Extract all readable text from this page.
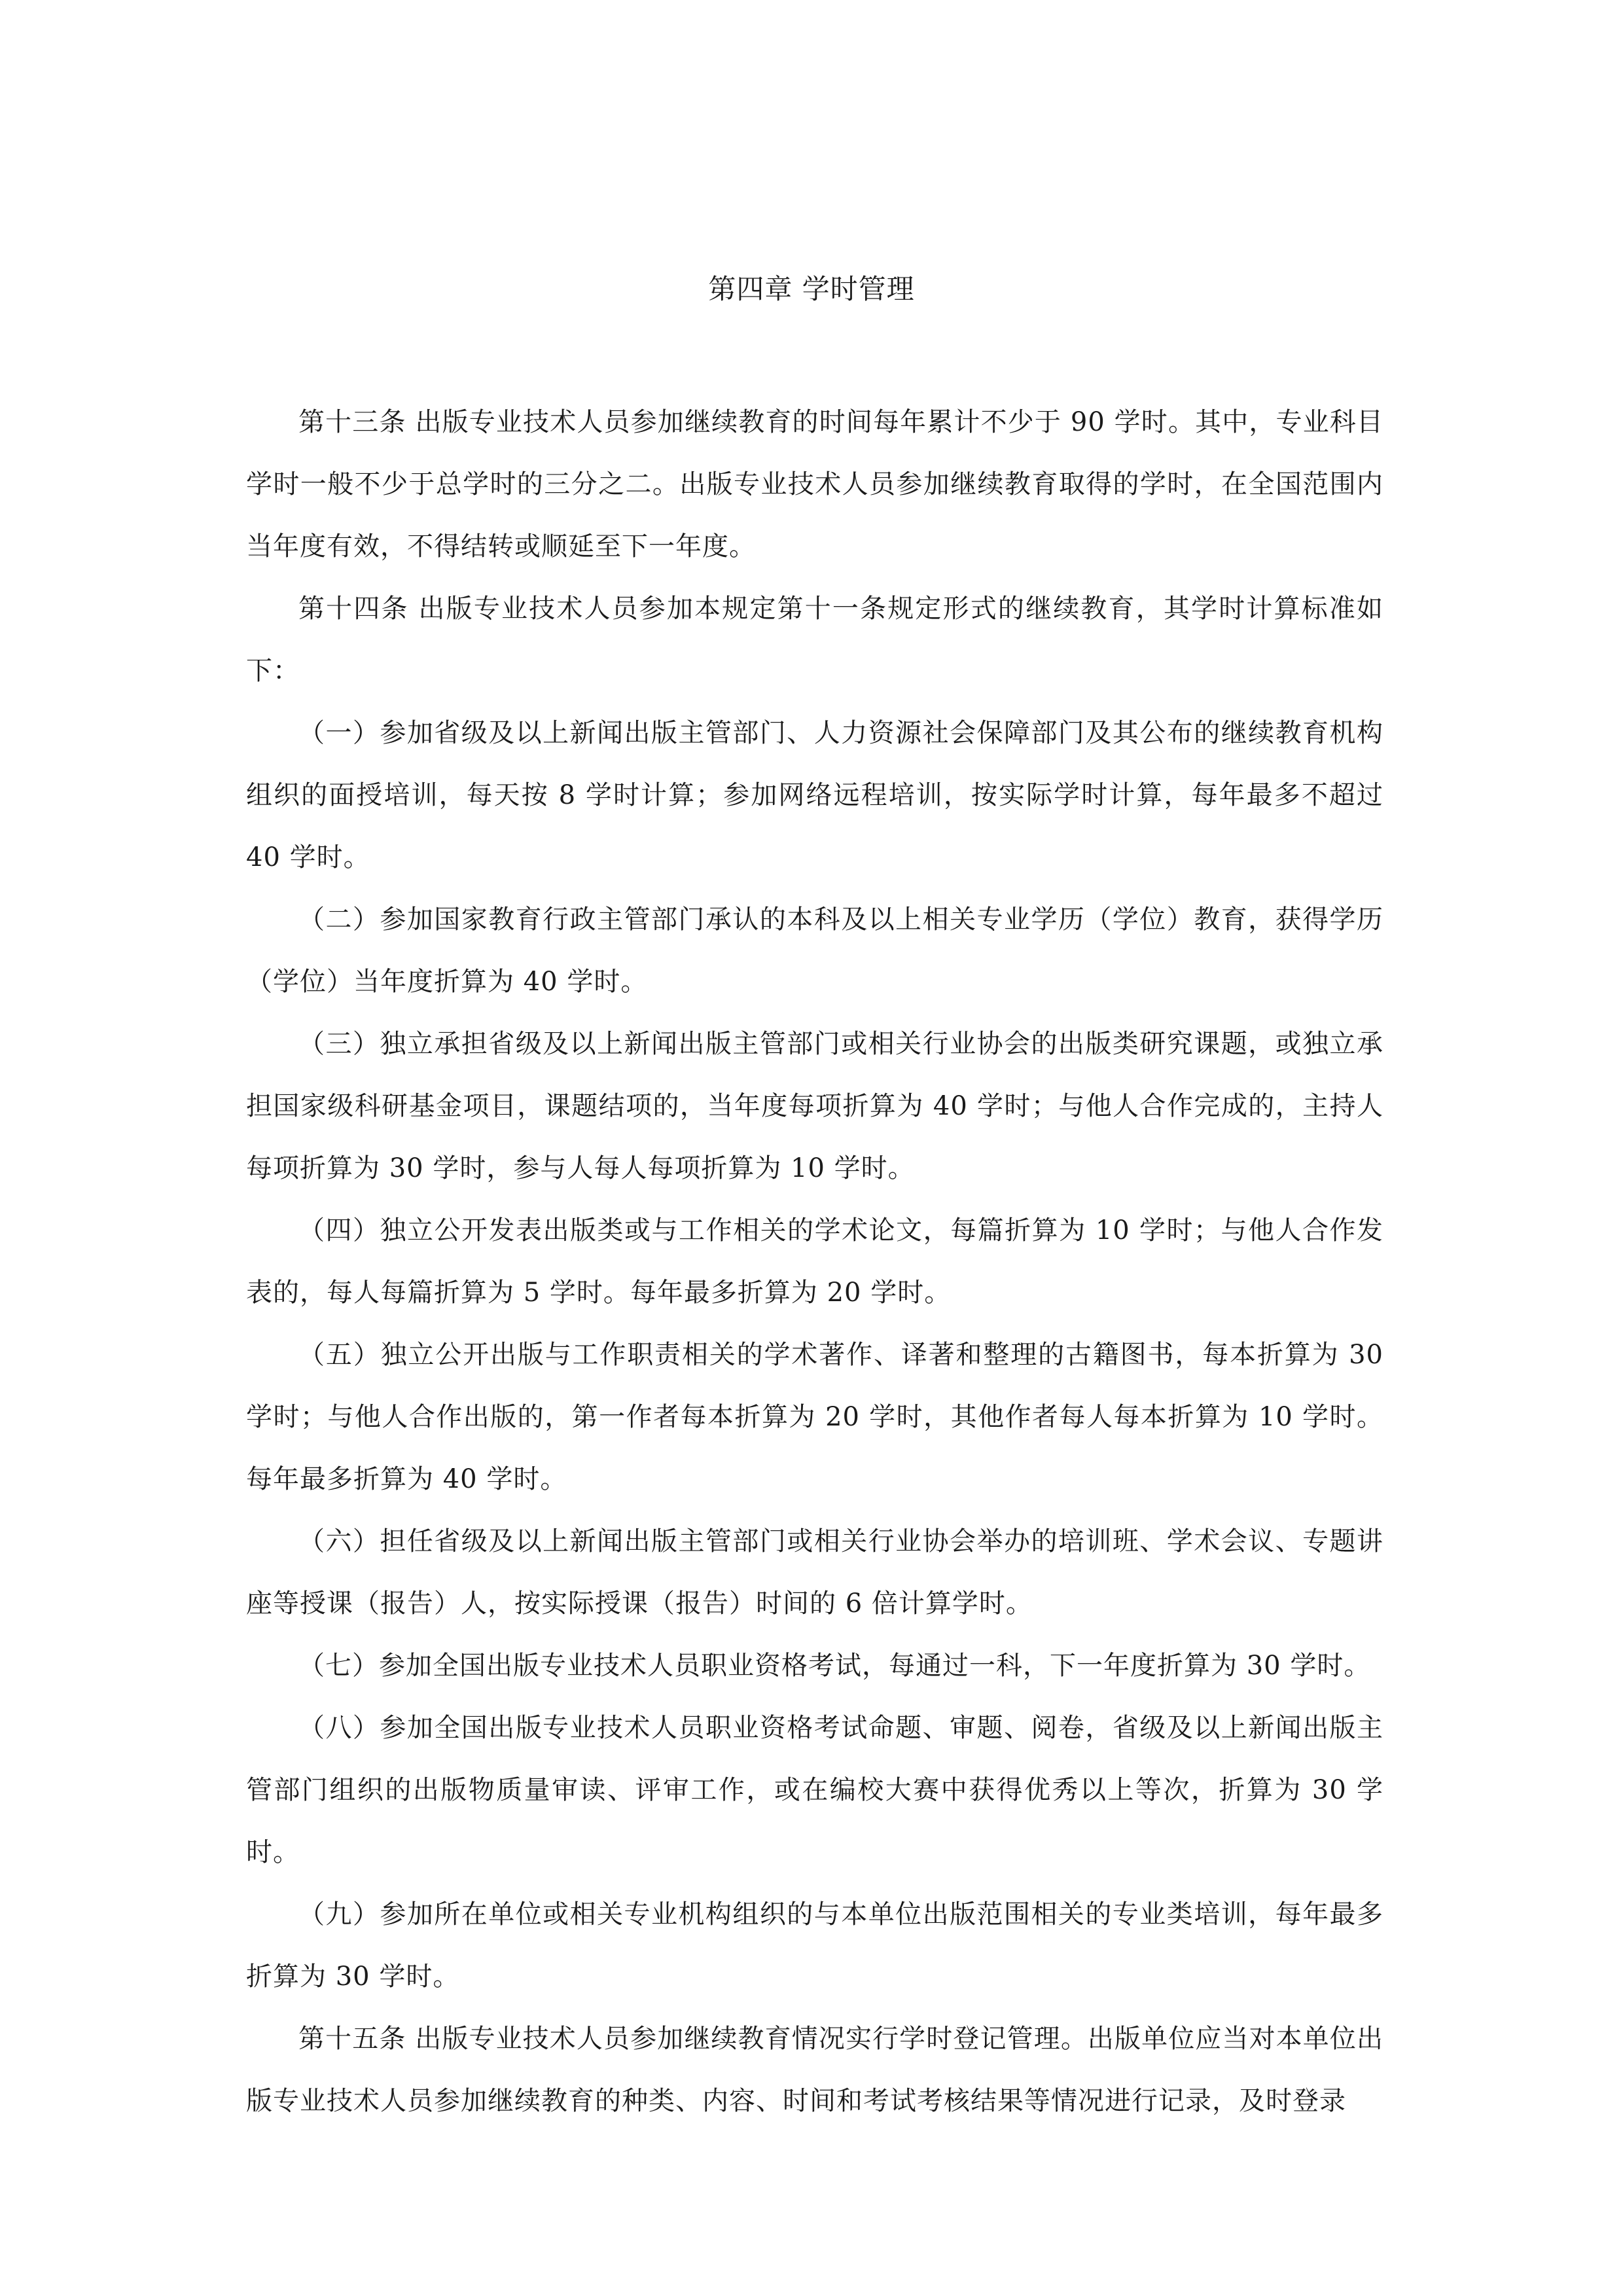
第四章 学时管理

第十三条 出版专业技术人员参加继续教育的时间每年累计不少于 90 学时。其中，专业科目学时一般不少于总学时的三分之二。出版专业技术人员参加继续教育取得的学时，在全国范围内当年度有效，不得结转或顺延至下一年度。

第十四条 出版专业技术人员参加本规定第十一条规定形式的继续教育，其学时计算标准如下：

（一）参加省级及以上新闻出版主管部门、人力资源社会保障部门及其公布的继续教育机构组织的面授培训，每天按 8 学时计算；参加网络远程培训，按实际学时计算，每年最多不超过 40 学时。

（二）参加国家教育行政主管部门承认的本科及以上相关专业学历（学位）教育，获得学历（学位）当年度折算为 40 学时。

（三）独立承担省级及以上新闻出版主管部门或相关行业协会的出版类研究课题，或独立承担国家级科研基金项目，课题结项的，当年度每项折算为 40 学时；与他人合作完成的，主持人每项折算为 30 学时，参与人每人每项折算为 10 学时。

（四）独立公开发表出版类或与工作相关的学术论文，每篇折算为 10 学时；与他人合作发表的，每人每篇折算为 5 学时。每年最多折算为 20 学时。

（五）独立公开出版与工作职责相关的学术著作、译著和整理的古籍图书，每本折算为 30 学时；与他人合作出版的，第一作者每本折算为 20 学时，其他作者每人每本折算为 10 学时。每年最多折算为 40 学时。

（六）担任省级及以上新闻出版主管部门或相关行业协会举办的培训班、学术会议、专题讲座等授课（报告）人，按实际授课（报告）时间的 6 倍计算学时。

（七）参加全国出版专业技术人员职业资格考试，每通过一科，下一年度折算为 30 学时。

（八）参加全国出版专业技术人员职业资格考试命题、审题、阅卷，省级及以上新闻出版主管部门组织的出版物质量审读、评审工作，或在编校大赛中获得优秀以上等次，折算为 30 学时。

（九）参加所在单位或相关专业机构组织的与本单位出版范围相关的专业类培训，每年最多折算为 30 学时。

第十五条 出版专业技术人员参加继续教育情况实行学时登记管理。出版单位应当对本单位出版专业技术人员参加继续教育的种类、内容、时间和考试考核结果等情况进行记录，及时登录
